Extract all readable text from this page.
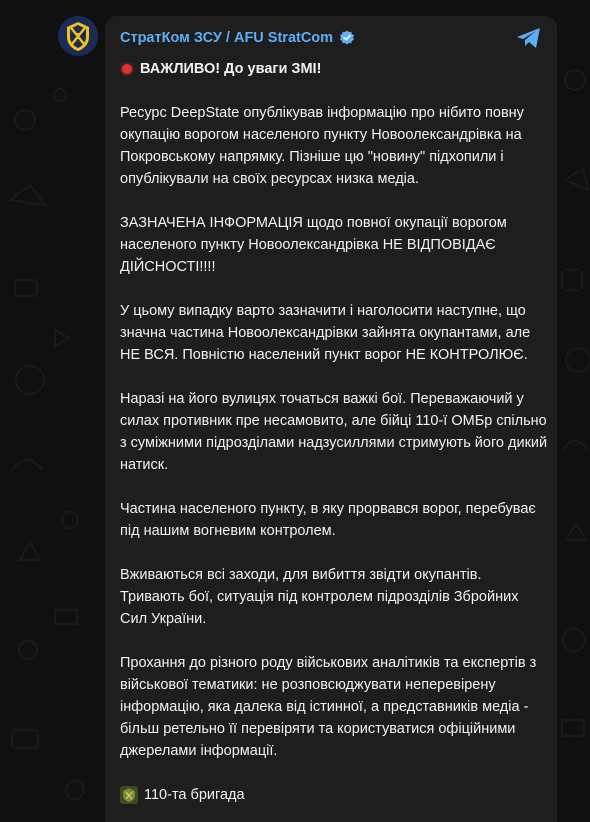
СтратКом ЗСУ / AFU StratCom

ВАЖЛИВО! До уваги ЗМІ!

Ресурс DeepState опублікував інформацію про нібито повну окупацію ворогом населеного пункту Новоолександрівка на Покровському напрямку. Пізніше цю "новину" підхопили і опублікували на своїх ресурсах низка медіа.

ЗАЗНАЧЕНА ІНФОРМАЦІЯ щодо повної окупації ворогом населеного пункту Новоолександрівка НЕ ВІДПОВІДАЄ ДІЙСНОСТІ!!!!

У цьому випадку варто зазначити і наголосити наступне, що значна частина Новоолександрівки зайнята окупантами, але НЕ ВСЯ. Повністю населений пункт ворог НЕ КОНТРОЛЮЄ.

Наразі на його вулицях точаться важкі бої. Переважаючий у силах противник пре несамовито, але бійці 110-ї ОМБр спільно з суміжними підрозділами надзусиллями стримують його дикий натиск.

Частина населеного пункту, в яку прорвався ворог, перебуває під нашим вогневим контролем.

Вживаються всі заходи, для вибиття звідти окупантів. Тривають бої, ситуація під контролем підрозділів Збройних Сил України.

Прохання до різного роду військових аналітиків та експертів з військової тематики: не розповсюджувати неперевірену інформацію, яка далека від істинної, а представників медіа - більш ретельно її перевіряти та користуватися офіційними джерелами інформації.

110-та бригада
